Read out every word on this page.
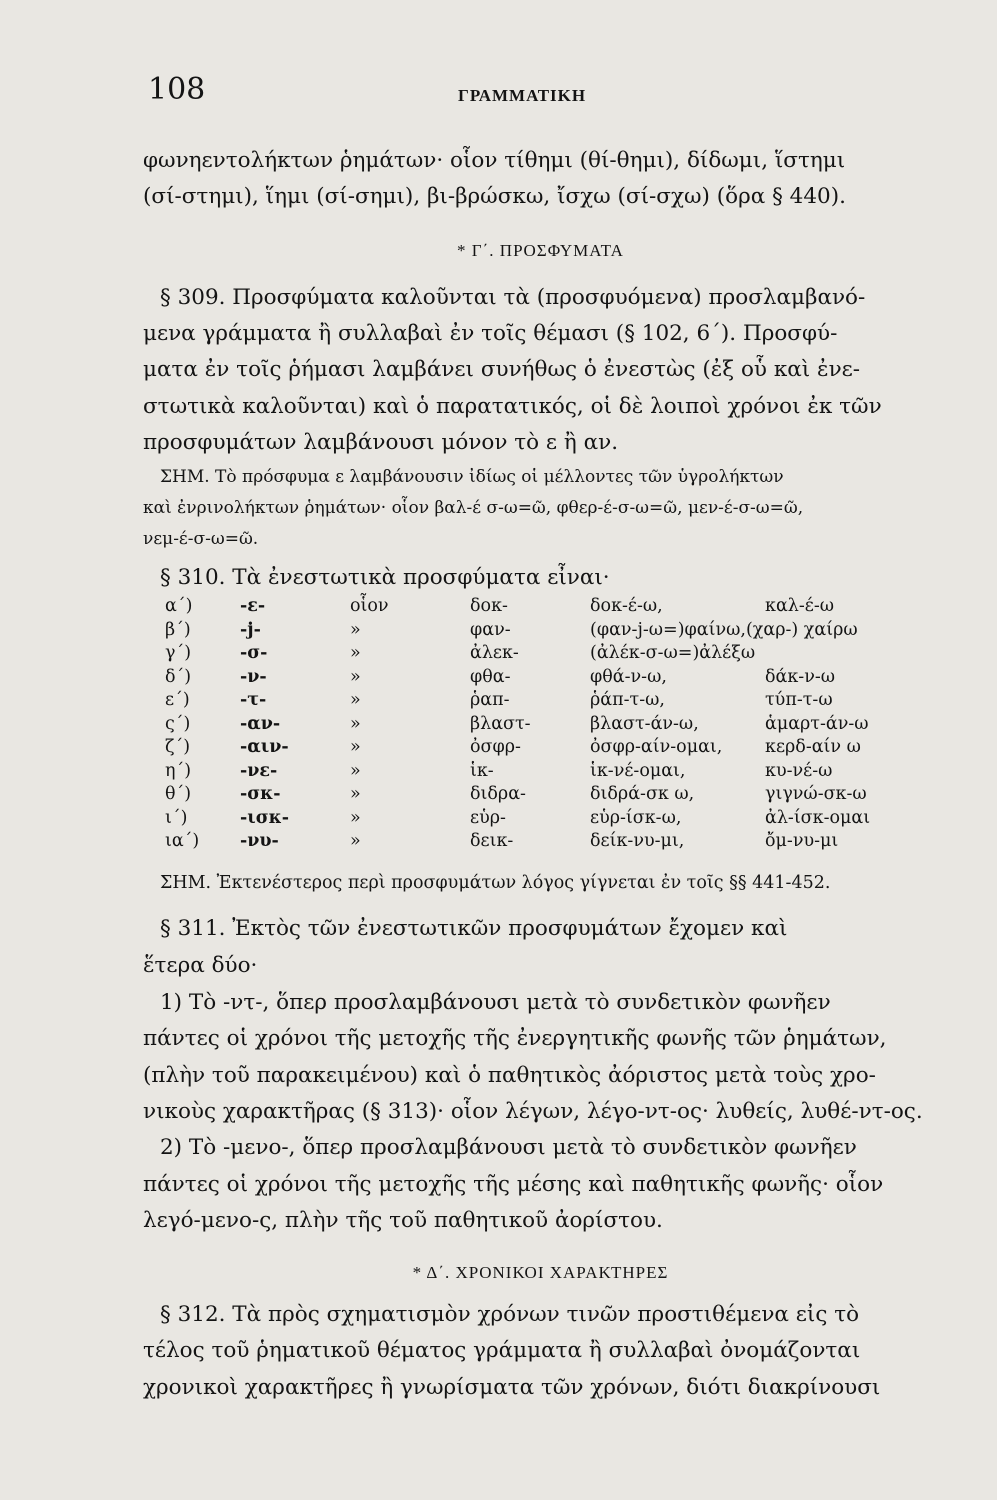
108	ΓΡΑΜΜΑΤΙΚΗ
φωνηεντολήκτων ῥημάτων· οἷον τίθημι (θί-θημι), δίδωμι, ἵστημι
(σί-στημι), ἵημι (σί-σημι), βι-βρώσκω, ἴσχω (σί-σχω) (ὅρα § 440).
* Γ΄. ΠΡΟΣΦΥΜΑΤΑ
§ 309. Προσφύματα καλοῦνται τὰ (προσφυόμενα) προσλαμβανό-
μενα γράμματα ἢ συλλαβαὶ ἐν τοῖς θέμασι (§ 102, 6΄). Προσφύ-
ματα ἐν τοῖς ῥήμασι λαμβάνει συνήθως ὁ ἐνεστὼς (ἐξ οὗ καὶ ἐνε-
στωτικὰ καλοῦνται) καὶ ὁ παρατατικός, οἱ δὲ λοιποὶ χρόνοι ἐκ τῶν
προσφυμάτων λαμβάνουσι μόνον τὸ ε ἢ αν.
ΣΗΜ. Τὸ πρόσφυμα ε λαμβάνουσιν ἰδίως οἱ μέλλοντες τῶν ὑγρολήκτων
καὶ ἐνρινολήκτων ῥημάτων· οἷον βαλ-έ σ-ω=ῶ, φθερ-έ-σ-ω=ῶ, μεν-έ-σ-ω=ῶ,
νεμ-έ-σ-ω=ῶ.
§ 310. Τὰ ἐνεστωτικὰ προσφύματα εἶναι·
α΄)	-ε-	οἷον	δοκ-	δοκ-έ-ω,	καλ-έ-ω
β΄)	-j-	»	φαν-	(φαν-j-ω=)φαίνω,(χαρ-) χαίρω
γ΄)	-σ-	»	ἀλεκ-	(ἀλέκ-σ-ω=)ἀλέξω
δ΄)	-ν-	»	φθα-	φθά-ν-ω,	δάκ-ν-ω
ε΄)	-τ-	»	ῥαπ-	ῥάπ-τ-ω,	τύπ-τ-ω
ς΄)	-αν-	»	βλαστ-	βλαστ-άν-ω,	ἁμαρτ-άν-ω
ζ΄)	-αιν-	»	ὀσφρ-	ὀσφρ-αίν-ομαι, κερδ-αίν ω
η΄)	-νε-	»	ἱκ-	ἱκ-νέ-ομαι,	κυ-νέ-ω
θ΄)	-σκ-	»	διδρα-	διδρά-σκ ω,	γιγνώ-σκ-ω
ι΄)	-ισκ-	»	εὑρ-	εὑρ-ίσκ-ω,	ἀλ-ίσκ-ομαι
ια΄) -νυ-	»	δεικ-	δείκ-νυ-μι,	ὄμ-νυ-μι
ΣΗΜ. Ἐκτενέστερος περὶ προσφυμάτων λόγος γίγνεται ἐν τοῖς §§ 441-452.
§ 311. Ἐκτὸς τῶν ἐνεστωτικῶν προσφυμάτων ἔχομεν καὶ
ἕτερα δύο·
1) Τὸ -ντ-, ὅπερ προσλαμβάνουσι μετὰ τὸ συνδετικὸν φωνῆεν
πάντες οἱ χρόνοι τῆς μετοχῆς τῆς ἐνεργητικῆς φωνῆς τῶν ῥημάτων,
(πλὴν τοῦ παρακειμένου) καὶ ὁ παθητικὸς ἀόριστος μετὰ τοὺς χρο-
νικοὺς χαρακτῆρας (§ 313)· οἷον λέγων, λέγο-ντ-ος· λυθείς, λυθέ-ντ-ος.
2) Τὸ -μενο-, ὅπερ προσλαμβάνουσι μετὰ τὸ συνδετικὸν φωνῆεν
πάντες οἱ χρόνοι τῆς μετοχῆς τῆς μέσης καὶ παθητικῆς φωνῆς· οἷον
λεγό-μενο-ς, πλὴν τῆς τοῦ παθητικοῦ ἀορίστου.
* Δ΄. ΧΡΟΝΙΚΟΙ ΧΑΡΑΚΤΗΡΕΣ
§ 312. Τὰ πρὸς σχηματισμὸν χρόνων τινῶν προστιθέμενα εἰς τὸ
τέλος τοῦ ῥηματικοῦ θέματος γράμματα ἢ συλλαβαὶ ὀνομάζονται
χρονικοὶ χαρακτῆρες ἢ γνωρίσματα τῶν χρόνων, διότι διακρίνουσι
